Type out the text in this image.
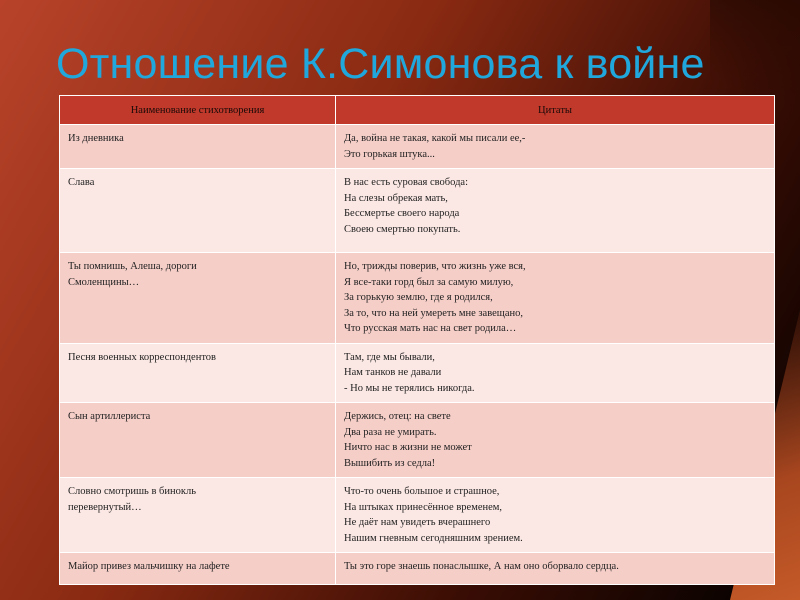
Отношение К.Симонова к войне
Наименование стихотворения	Цитаты

Из дневника	Да, война не такая, какой мы писали ее,-
Это горькая штука...

Слава	В нас есть суровая свобода:
На слезы обрекая мать,
Бессмертье своего народа
Своею смертью покупать.

Ты помнишь, Алеша, дороги
Смоленщины…	Но, трижды поверив, что жизнь уже вся,
Я все-таки горд был за самую милую,
За горькую землю, где я родился,
За то, что на ней умереть мне завещано,
Что русская мать нас на свет родила…

Песня военных корреспондентов	Там, где мы бывали,
Нам танков не давали
- Но мы не терялись никогда.

Сын артиллериста	Держись, отец: на свете
Два раза не умирать.
Ничто нас в жизни не может
Вышибить из седла!

Словно смотришь в бинокль
перевернутый…	Что-то очень большое и страшное,
На штыках принесённое временем,
Не даёт нам увидеть вчерашнего
Нашим гневным сегодняшним зрением.

Майор привез мальчишку на лафете	Ты это горе знаешь понаслышке, А нам оно оборвало сердца.
